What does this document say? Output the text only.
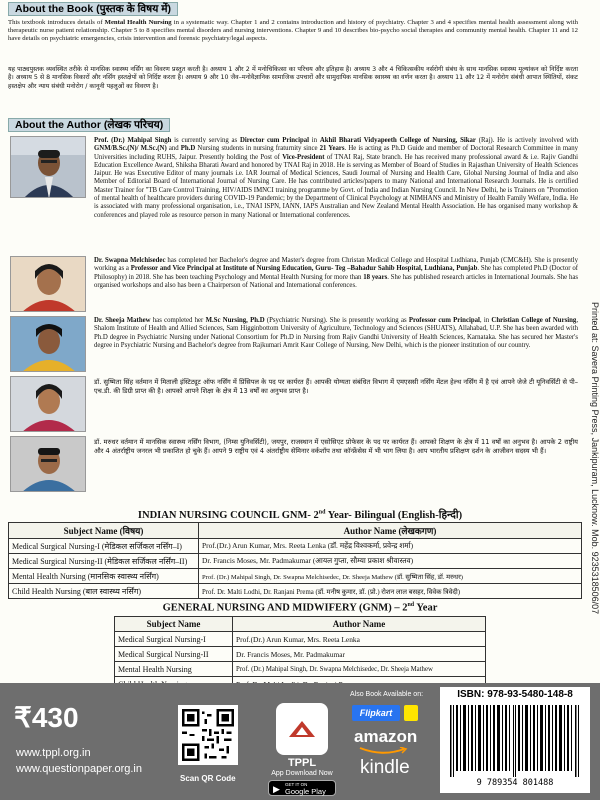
About the Book (पुस्तक के विषय में)
This textbook introduces details of Mental Health Nursing in a systematic way. Chapter 1 and 2 contains introduction and history of psychiatry. Chapter 3 and 4 specifies mental health assessment along with therapeutic nurse patient relationship. Chapter 5 to 8 specifies mental disorders and nursing interventions. Chapter 9 and 10 describes bio-psycho social therapies and community mental health. Chapter 11 and 12 have details on psychiatric emergencies, crisis intervention and forensic psychiatry/legal aspects.
यह पाठ्यपुस्तक व्यवस्थित तरीके से मानसिक स्वास्थ्य नर्सिंग का विवरण प्रस्तुत करती है। अध्याय 1 और 2 में मनोचिकित्सा का परिचय और इतिहास है। अध्याय 3 और 4 चिकित्सकीय नर्सरोगी संबंध के साथ मानसिक स्वास्थ्य मूल्यांकन को निर्दिष्ट करता है। अध्याय 5 से 8 मानसिक विकारों और नर्सिंग हस्तक्षेपों को निर्दिष्ट करता है। अध्याय 9 और 10 जैव–मनोवैज्ञानिक सामाजिक उपचारों और सामुदायिक मानसिक स्वास्थ्य का वर्णन करता है। अध्याय 11 और 12 में मनोरोग संबंधी आपात स्थितियों, संकट हस्तक्षेप और न्याय संबंधी मनोरोग / कानूनी पहलुओं का विवरण है।
About the Author (लेखक परिचय)
Prof. (Dr.) Mahipal Singh is currently serving as Director cum Principal in Akhil Bharati Vidyapeeth College of Nursing, Sikar (Raj). He is actively involved with GNM/B.Sc.(N)/ M.Sc.(N) and Ph.D Nursing students in nursing fraturnity since 21 Years. He is acting as Ph.D Guide and member of Doctoral Research Committee in many Universities including RUHS, Jaipur. Presently holding the Post of Vice-President of TNAI Raj, State branch. He has received many professional award & i.e. Rajiv Gandhi Education Excellence Award, Shiksha Bharati Award and honored by TNAI Raj in 2018. He is serving as Member of Board of Studies in Rajasthan University of Health Sciences Jaipur. He was Executive Editor of many journals i.e. IAR Journal of Medical Sciences, Saudi Journal of Nursing and Health Care, Global Nursing Journal of India and also Member of Editorial Board of International Journal of Nursing Care. He has contributed articles/papers to many National and International Research Journals. He is certified Master Trainer for "TB Care Control Training, HIV/AIDS IMNCI training programme by Govt. of India and Indian Nursing Council. In New Delhi, he is Trainers on "Promotion of mental health of healthcare providers during COVID-19 Pandemic; by the Department of Clinical Psychology at NIMHANS and Ministry of Health Family Welfare, India. He is associated with many professional organisation, i.e., TNAI ISPN, IANN, IAPS Australian and New Zealand Mental Health Association. He has organised many workshop & conferences and played role as resource person in many National or International conferences.
Dr. Swapna Melchisedec has completed her Bachelor's degree and Master's degree from Christan Medical College and Hospital Ludhiana, Punjab (CMC&H). She is presently working as a Professor and Vice Principal at Institute of Nursing Education, Guru- Teg –Bahadur Sahib Hospital, Ludhiana, Punjab. She has completed Ph.D (Doctor of Philosophy) in 2018. She has been teaching Psychology and Mental Health Nursing for more than 18 years. She has published research articles in International Journals. She has organised workshops and also has been a Chairperson of National and International conferences.
Dr. Sheeja Mathew has completed her M.Sc Nursing, Ph.D (Psychiatric Nursing). She is presently working as Professor cum Principal, in Christian College of Nursing, Shalom Institute of Health and Allied Sciences, Sam Higginbottom University of Agriculture, Technology and Sciences (SHUATS), Allahabad, U.P. She has been awarded with Ph.D degree in Psychiatric Nursing under National Consortium for Ph.D in Nursing from Rajiv Gandhi University of Health Sciences, Karnataka. She has secured her Master's degree in Psychiatric Nursing and Bachelor's degree from Rajkumari Amrit Kaur College of Nursing, New Delhi, which is the pioneer institution of our country.
डॉ. सुष्मिता सिंह वर्तमान में मिताली इंस्टिट्यूट ऑफ नर्सिंग में प्रिंसिपल के पद पर कार्यरत हैं। आपकी योग्यता संबंधित विभाग में एमएससी नर्सिंग मेंटल हेल्थ नर्सिंग में है एवं आपने जेजे टी यूनिवर्सिटी से पी–एच.डी. की डिग्री प्राप्त की है। आपको आपने शिक्षा के क्षेत्र में 13 वर्षों का अनुभव प्राप्त है।
डॉ. मरुधर वर्तमान में मानसिक स्वास्थ्य नर्सिंग विभाग, (निम्स युनिवर्सिटी), जयपुर, राजस्थान में एसोसिएट प्रोफेसर के पद पर कार्यरत हैं। आपको शिक्षण के क्षेत्र में 11 वर्षों का अनुभव है। आपके 2 राष्ट्रीय और 4 अंतर्राष्ट्रीय जनरल भी प्रकाशित हो चुके हैं। आपने 9 राष्ट्रीय एवं 4 अंतर्राष्ट्रीय सेमिनार वर्कशॉप तथा कॉन्फ्रेंसेस में भी भाग लिया है। आप भारतीय प्रशिक्षण दर्शन के आजीवन सदस्य भी हैं।	Printed at: Savera Printing Press, Jankipuram, Lucknow. Mob. 9235318506/07
INDIAN NURSING COUNCIL GNM- 2nd Year- Bilingual (English-हिन्दी)
Subject Name (विषय)	Author Name (लेखकगण)
Medical Surgical Nursing-I (मेडिकल सर्जिकल नर्सिंग–I)	Prof.(Dr.) Arun Kumar, Mrs. Reeta Lenka (डॉ. महेंद्र विश्वकर्मा, प्रवेन्द्र शर्मा)
Medical Surgical Nursing-II (मेडिकल सर्जिकल नर्सिंग–II)	Dr. Francis Moses, Mr. Padmakumar (आयल गुप्ता, सौम्या प्रकाश श्रीवास्तव)
Mental Health Nursing (मानसिक स्वास्थ्य नर्सिंग)	Prof. (Dr.) Mahipal Singh, Dr. Swapna Melchisedec, Dr. Sheeja Mathew (डॉ. सुष्मिता सिंह, डॉ. मरुधर)
Child Health Nursing (बाल स्वास्थ्य नर्सिंग)	Prof. Dr. Malti Lodhi, Dr. Ranjani Prema (डॉ. मनीष कुमार, डॉ. (प्रो.) रोशन लाल बसहर, विवेक त्रिवेदी)
GENERAL NURSING AND MIDWIFERY (GNM) – 2nd Year
Subject Name	Author Name
Medical Surgical Nursing-I	Prof.(Dr.) Arun Kumar, Mrs. Reeta Lenka
Medical Surgical Nursing-II	Dr. Francis Moses, Mr. Padmakumar
Mental Health Nursing	Prof. (Dr.) Mahipal Singh, Dr. Swapna Melchisedec, Dr. Sheeja Mathew

₹430
www.tppl.org.in
www.questionpaper.org.in
Scan QR Code
TPPL
App Download Now
▶ GET IT ON
Google Play
Also Book Available on:
Flipkart
amazon
kindle
ISBN: 978-93-5480-148-8
9 789354 801488
